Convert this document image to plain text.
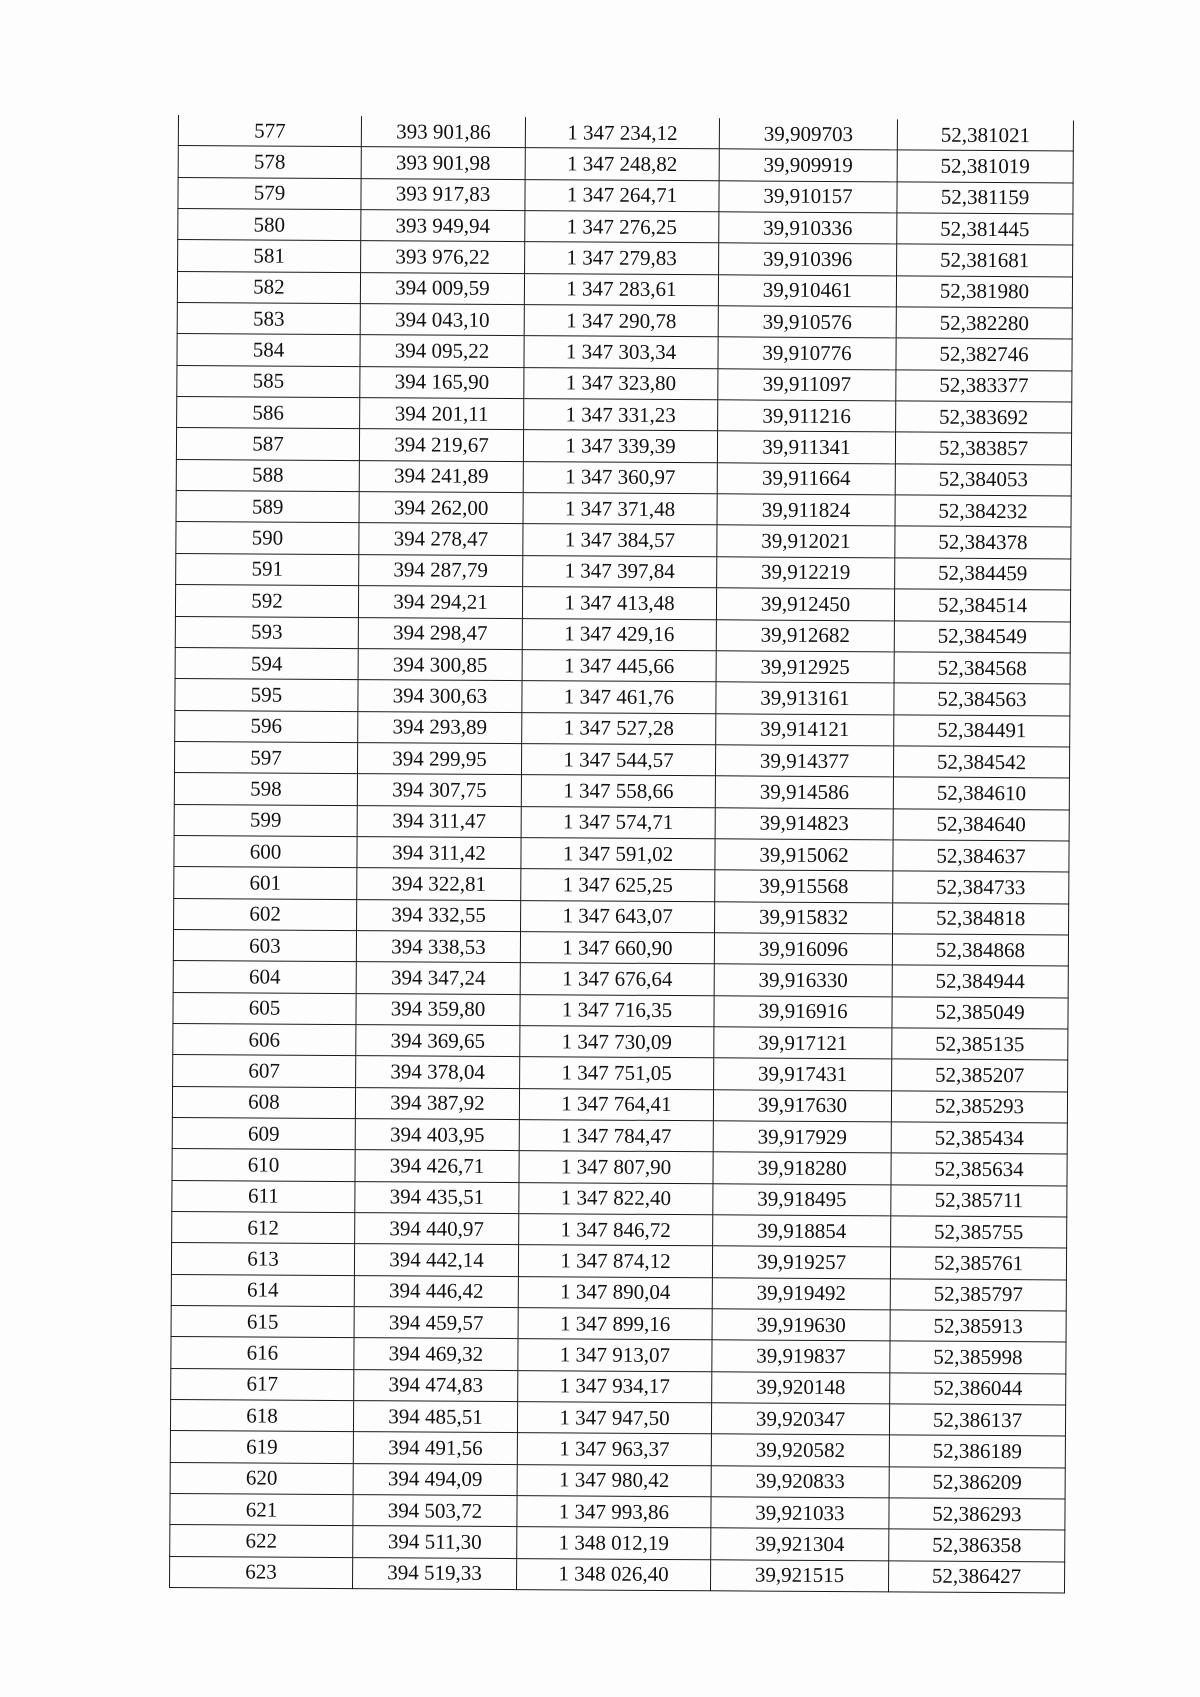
577	393 901,86	1 347 234,12	39,909703	52,381021
578	393 901,98	1 347 248,82	39,909919	52,381019
579	393 917,83	1 347 264,71	39,910157	52,381159
580	393 949,94	1 347 276,25	39,910336	52,381445
581	393 976,22	1 347 279,83	39,910396	52,381681
582	394 009,59	1 347 283,61	39,910461	52,381980
583	394 043,10	1 347 290,78	39,910576	52,382280
584	394 095,22	1 347 303,34	39,910776	52,382746
585	394 165,90	1 347 323,80	39,911097	52,383377
586	394 201,11	1 347 331,23	39,911216	52,383692
587	394 219,67	1 347 339,39	39,911341	52,383857
588	394 241,89	1 347 360,97	39,911664	52,384053
589	394 262,00	1 347 371,48	39,911824	52,384232
590	394 278,47	1 347 384,57	39,912021	52,384378
591	394 287,79	1 347 397,84	39,912219	52,384459
592	394 294,21	1 347 413,48	39,912450	52,384514
593	394 298,47	1 347 429,16	39,912682	52,384549
594	394 300,85	1 347 445,66	39,912925	52,384568
595	394 300,63	1 347 461,76	39,913161	52,384563
596	394 293,89	1 347 527,28	39,914121	52,384491
597	394 299,95	1 347 544,57	39,914377	52,384542
598	394 307,75	1 347 558,66	39,914586	52,384610
599	394 311,47	1 347 574,71	39,914823	52,384640
600	394 311,42	1 347 591,02	39,915062	52,384637
601	394 322,81	1 347 625,25	39,915568	52,384733
602	394 332,55	1 347 643,07	39,915832	52,384818
603	394 338,53	1 347 660,90	39,916096	52,384868
604	394 347,24	1 347 676,64	39,916330	52,384944
605	394 359,80	1 347 716,35	39,916916	52,385049
606	394 369,65	1 347 730,09	39,917121	52,385135
607	394 378,04	1 347 751,05	39,917431	52,385207
608	394 387,92	1 347 764,41	39,917630	52,385293
609	394 403,95	1 347 784,47	39,917929	52,385434
610	394 426,71	1 347 807,90	39,918280	52,385634
611	394 435,51	1 347 822,40	39,918495	52,385711
612	394 440,97	1 347 846,72	39,918854	52,385755
613	394 442,14	1 347 874,12	39,919257	52,385761
614	394 446,42	1 347 890,04	39,919492	52,385797
615	394 459,57	1 347 899,16	39,919630	52,385913
616	394 469,32	1 347 913,07	39,919837	52,385998
617	394 474,83	1 347 934,17	39,920148	52,386044
618	394 485,51	1 347 947,50	39,920347	52,386137
619	394 491,56	1 347 963,37	39,920582	52,386189
620	394 494,09	1 347 980,42	39,920833	52,386209
621	394 503,72	1 347 993,86	39,921033	52,386293
622	394 511,30	1 348 012,19	39,921304	52,386358
623	394 519,33	1 348 026,40	39,921515	52,386427
